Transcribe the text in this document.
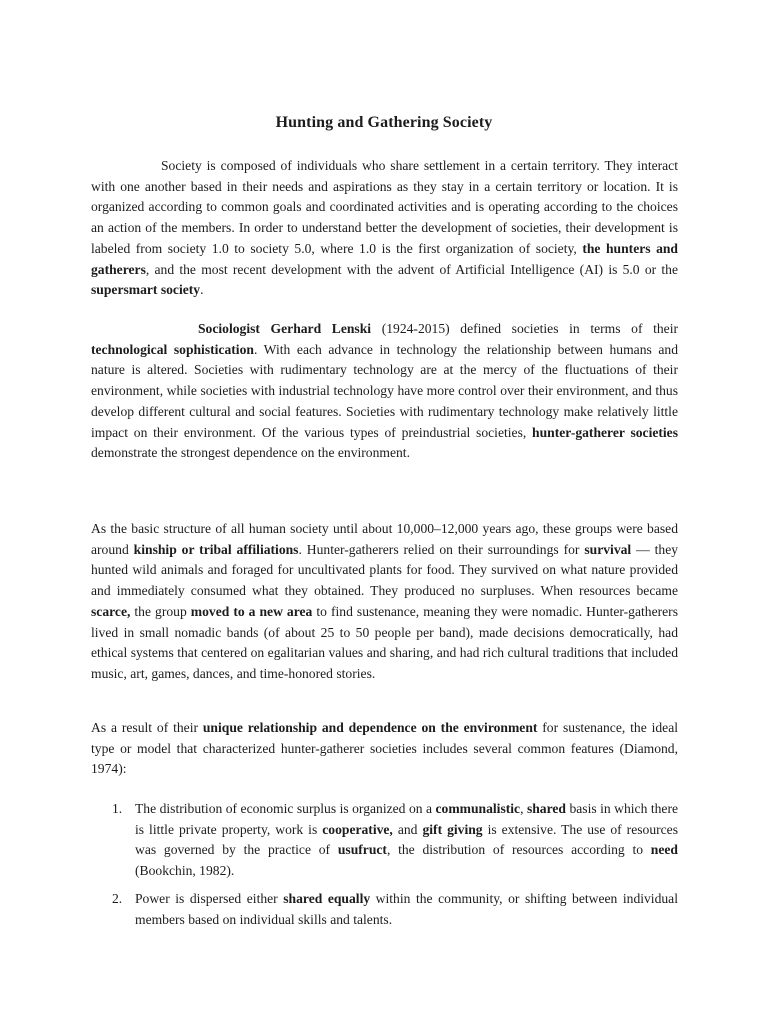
Hunting and Gathering Society

Society is composed of individuals who share settlement in a certain territory. They interact with one another based in their needs and aspirations as they stay in a certain territory or location. It is organized according to common goals and coordinated activities and is operating according to the choices an action of the members. In order to understand better the development of societies, their development is labeled from society 1.0 to society 5.0, where 1.0 is the first organization of society, the hunters and gatherers, and the most recent development with the advent of Artificial Intelligence (AI) is 5.0 or the supersmart society.

Sociologist Gerhard Lenski (1924-2015) defined societies in terms of their technological sophistication. With each advance in technology the relationship between humans and nature is altered. Societies with rudimentary technology are at the mercy of the fluctuations of their environment, while societies with industrial technology have more control over their environment, and thus develop different cultural and social features. Societies with rudimentary technology make relatively little impact on their environment. Of the various types of preindustrial societies, hunter-gatherer societies demonstrate the strongest dependence on the environment.

As the basic structure of all human society until about 10,000–12,000 years ago, these groups were based around kinship or tribal affiliations. Hunter-gatherers relied on their surroundings for survival — they hunted wild animals and foraged for uncultivated plants for food. They survived on what nature provided and immediately consumed what they obtained. They produced no surpluses. When resources became scarce, the group moved to a new area to find sustenance, meaning they were nomadic. Hunter-gatherers lived in small nomadic bands (of about 25 to 50 people per band), made decisions democratically, had ethical systems that centered on egalitarian values and sharing, and had rich cultural traditions that included music, art, games, dances, and time-honored stories.

As a result of their unique relationship and dependence on the environment for sustenance, the ideal type or model that characterized hunter-gatherer societies includes several common features (Diamond, 1974):

1. The distribution of economic surplus is organized on a communalistic, shared basis in which there is little private property, work is cooperative, and gift giving is extensive. The use of resources was governed by the practice of usufruct, the distribution of resources according to need (Bookchin, 1982).
2. Power is dispersed either shared equally within the community, or shifting between individual members based on individual skills and talents.
